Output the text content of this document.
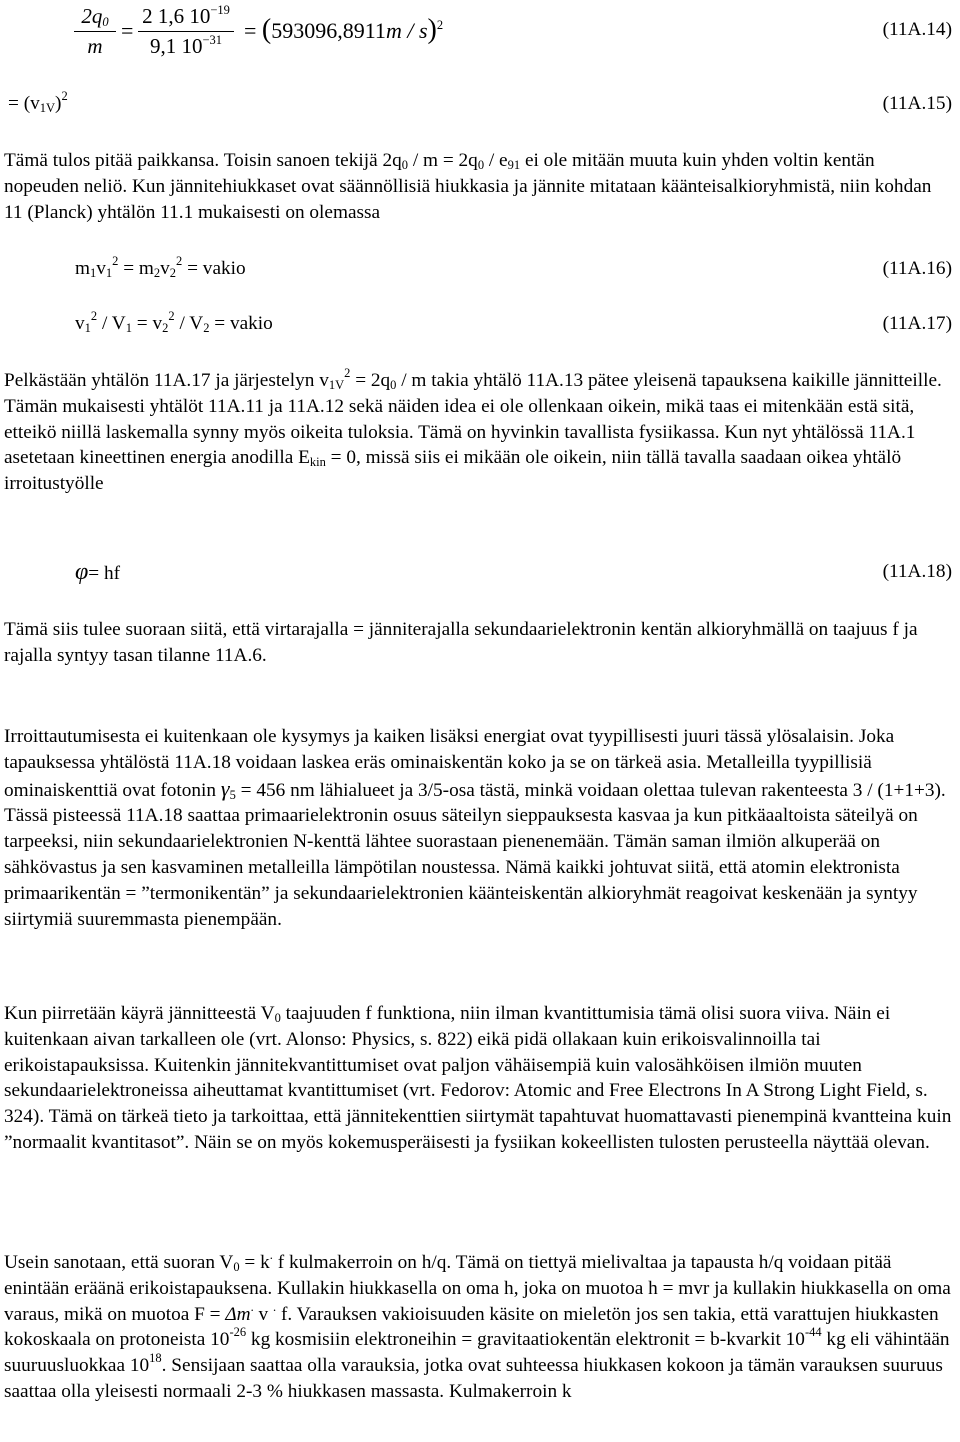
$2q_0$
m
=
2 1,6 $10^{-19}$
9,1 $10^{-31} = (593096,8911m / s)^2$	(11A.14)
= $(v_{1V})^2$	(11A.15)
Tämä tulos pitää paikkansa. Toisin sanoen tekijä $2q_0 / m = 2q_0 / e_{91}$ ei ole mitään muuta kuin yhden voltin kentän nopeuden neliö. Kun jännitehiukkaset ovat säännöllisiä hiukkasia ja jännite mitataan käänteisalkioryhmistä, niin kohdan 11 (Planck) yhtälön 11.1 mukaisesti on olemassa
$m_1v_1^2 = m_2v_2^2$ = vakio	(11A.16)
$v_1^2 / V_1 = v_2^2 / V_2$ = vakio	(11A.17)
Pelkästään yhtälön 11A.17 ja järjestelyn $v_{1V}^2 = 2q_0 / m$ takia yhtälö 11A.13 pätee yleisenä tapauksena kaikille jännitteille. Tämän mukaisesti yhtälöt 11A.11 ja 11A.12 sekä näiden idea ei ole ollenkaan oikein, mikä taas ei mitenkään estä sitä, etteikö niillä laskemalla synny myös oikeita tuloksia. Tämä on hyvinkin tavallista fysiikassa. Kun nyt yhtälössä 11A.1 asetetaan kineettinen energia anodilla $E_{kin} = 0$, missä siis ei mikään ole oikein, niin tällä tavalla saadaan oikea yhtälö irroitustyölle
φ= hf	(11A.18)
Tämä siis tulee suoraan siitä, että virtarajalla = jänniterajalla sekundaarielektronin kentän alkioryhmällä on taajuus f ja rajalla syntyy tasan tilanne 11A.6.
Irroittautumisesta ei kuitenkaan ole kysymys ja kaiken lisäksi energiat ovat tyypillisesti juuri tässä ylösalaisin. Joka tapauksessa yhtälöstä 11A.18 voidaan laskea eräs ominaiskentän koko ja se on tärkeä asia. Metalleilla tyypillisiä ominaiskenttiä ovat fotonin $\gamma_5 = 456$ nm lähialueet ja 3/5-osa tästä, minkä voidaan olettaa tulevan rakenteesta 3 / (1+1+3). Tässä pisteessä 11A.18 saattaa primaarielektronin osuus säteilyn sieppauksesta kasvaa ja kun pitkäaaltoista säteilyä on tarpeeksi, niin sekundaarielektronien N-kenttä lähtee suorastaan pienenemään. Tämän saman ilmiön alkuperää on sähkövastus ja sen kasvaminen metalleilla lämpötilan noustessa. Nämä kaikki johtuvat siitä, että atomin elektronista primaarikentän = ”termonikentän” ja sekundaarielektronien käänteiskentän alkioryhmät reagoivat keskenään ja syntyy siirtymiä suuremmasta pienempään.
Kun piirretään käyrä jännitteestä $V_0$ taajuuden f funktiona, niin ilman kvantittumisia tämä olisi suora viiva. Näin ei kuitenkaan aivan tarkalleen ole (vrt. Alonso: Physics, s. 822) eikä pidä ollakaan kuin erikoisvalinnoilla tai erikoistapauksissa. Kuitenkin jännitekvantittumiset ovat paljon vähäisempiä kuin valosähköisen ilmiön muuten sekundaarielektroneissa aiheuttamat kvantittumiset (vrt. Fedorov: Atomic and Free Electrons In A Strong Light Field, s. 324). Tämä on tärkeä tieto ja tarkoittaa, että jännitekenttien siirtymät tapahtuvat huomattavasti pienempinä kvantteina kuin ”normaalit kvantitasot”. Näin se on myös kokemusperäisesti ja fysiikan kokeellisten tulosten perusteella näyttää olevan.
Usein sanotaan, että suoran $V_0 = k^.$ f kulmakerroin on h/q. Tämä on tiettyä mielivaltaa ja tapausta h/q voidaan pitää enintään eräänä erikoistapauksena. Kullakin hiukkasella on oma h, joka on muotoa h = mvr ja kullakin hiukkasella on oma varaus, mikä on muotoa F = Δm. v . f. Varauksen vakioisuuden käsite on mieletön jos sen takia, että varattujen hiukkasten kokoskaala on protoneista $10^{-26}$ kg kosmisiin elektroneihin = gravitaatiokentän elektronit = b-kvarkit $10^{-44}$ kg eli vähintään suuruusluokkaa $10^{18}$. Sensijaan saattaa olla varauksia, jotka ovat suhteessa hiukkasen kokoon ja tämän varauksen suuruus saattaa olla yleisesti normaali 2-3 % hiukkasen massasta. Kulmakerroin k
